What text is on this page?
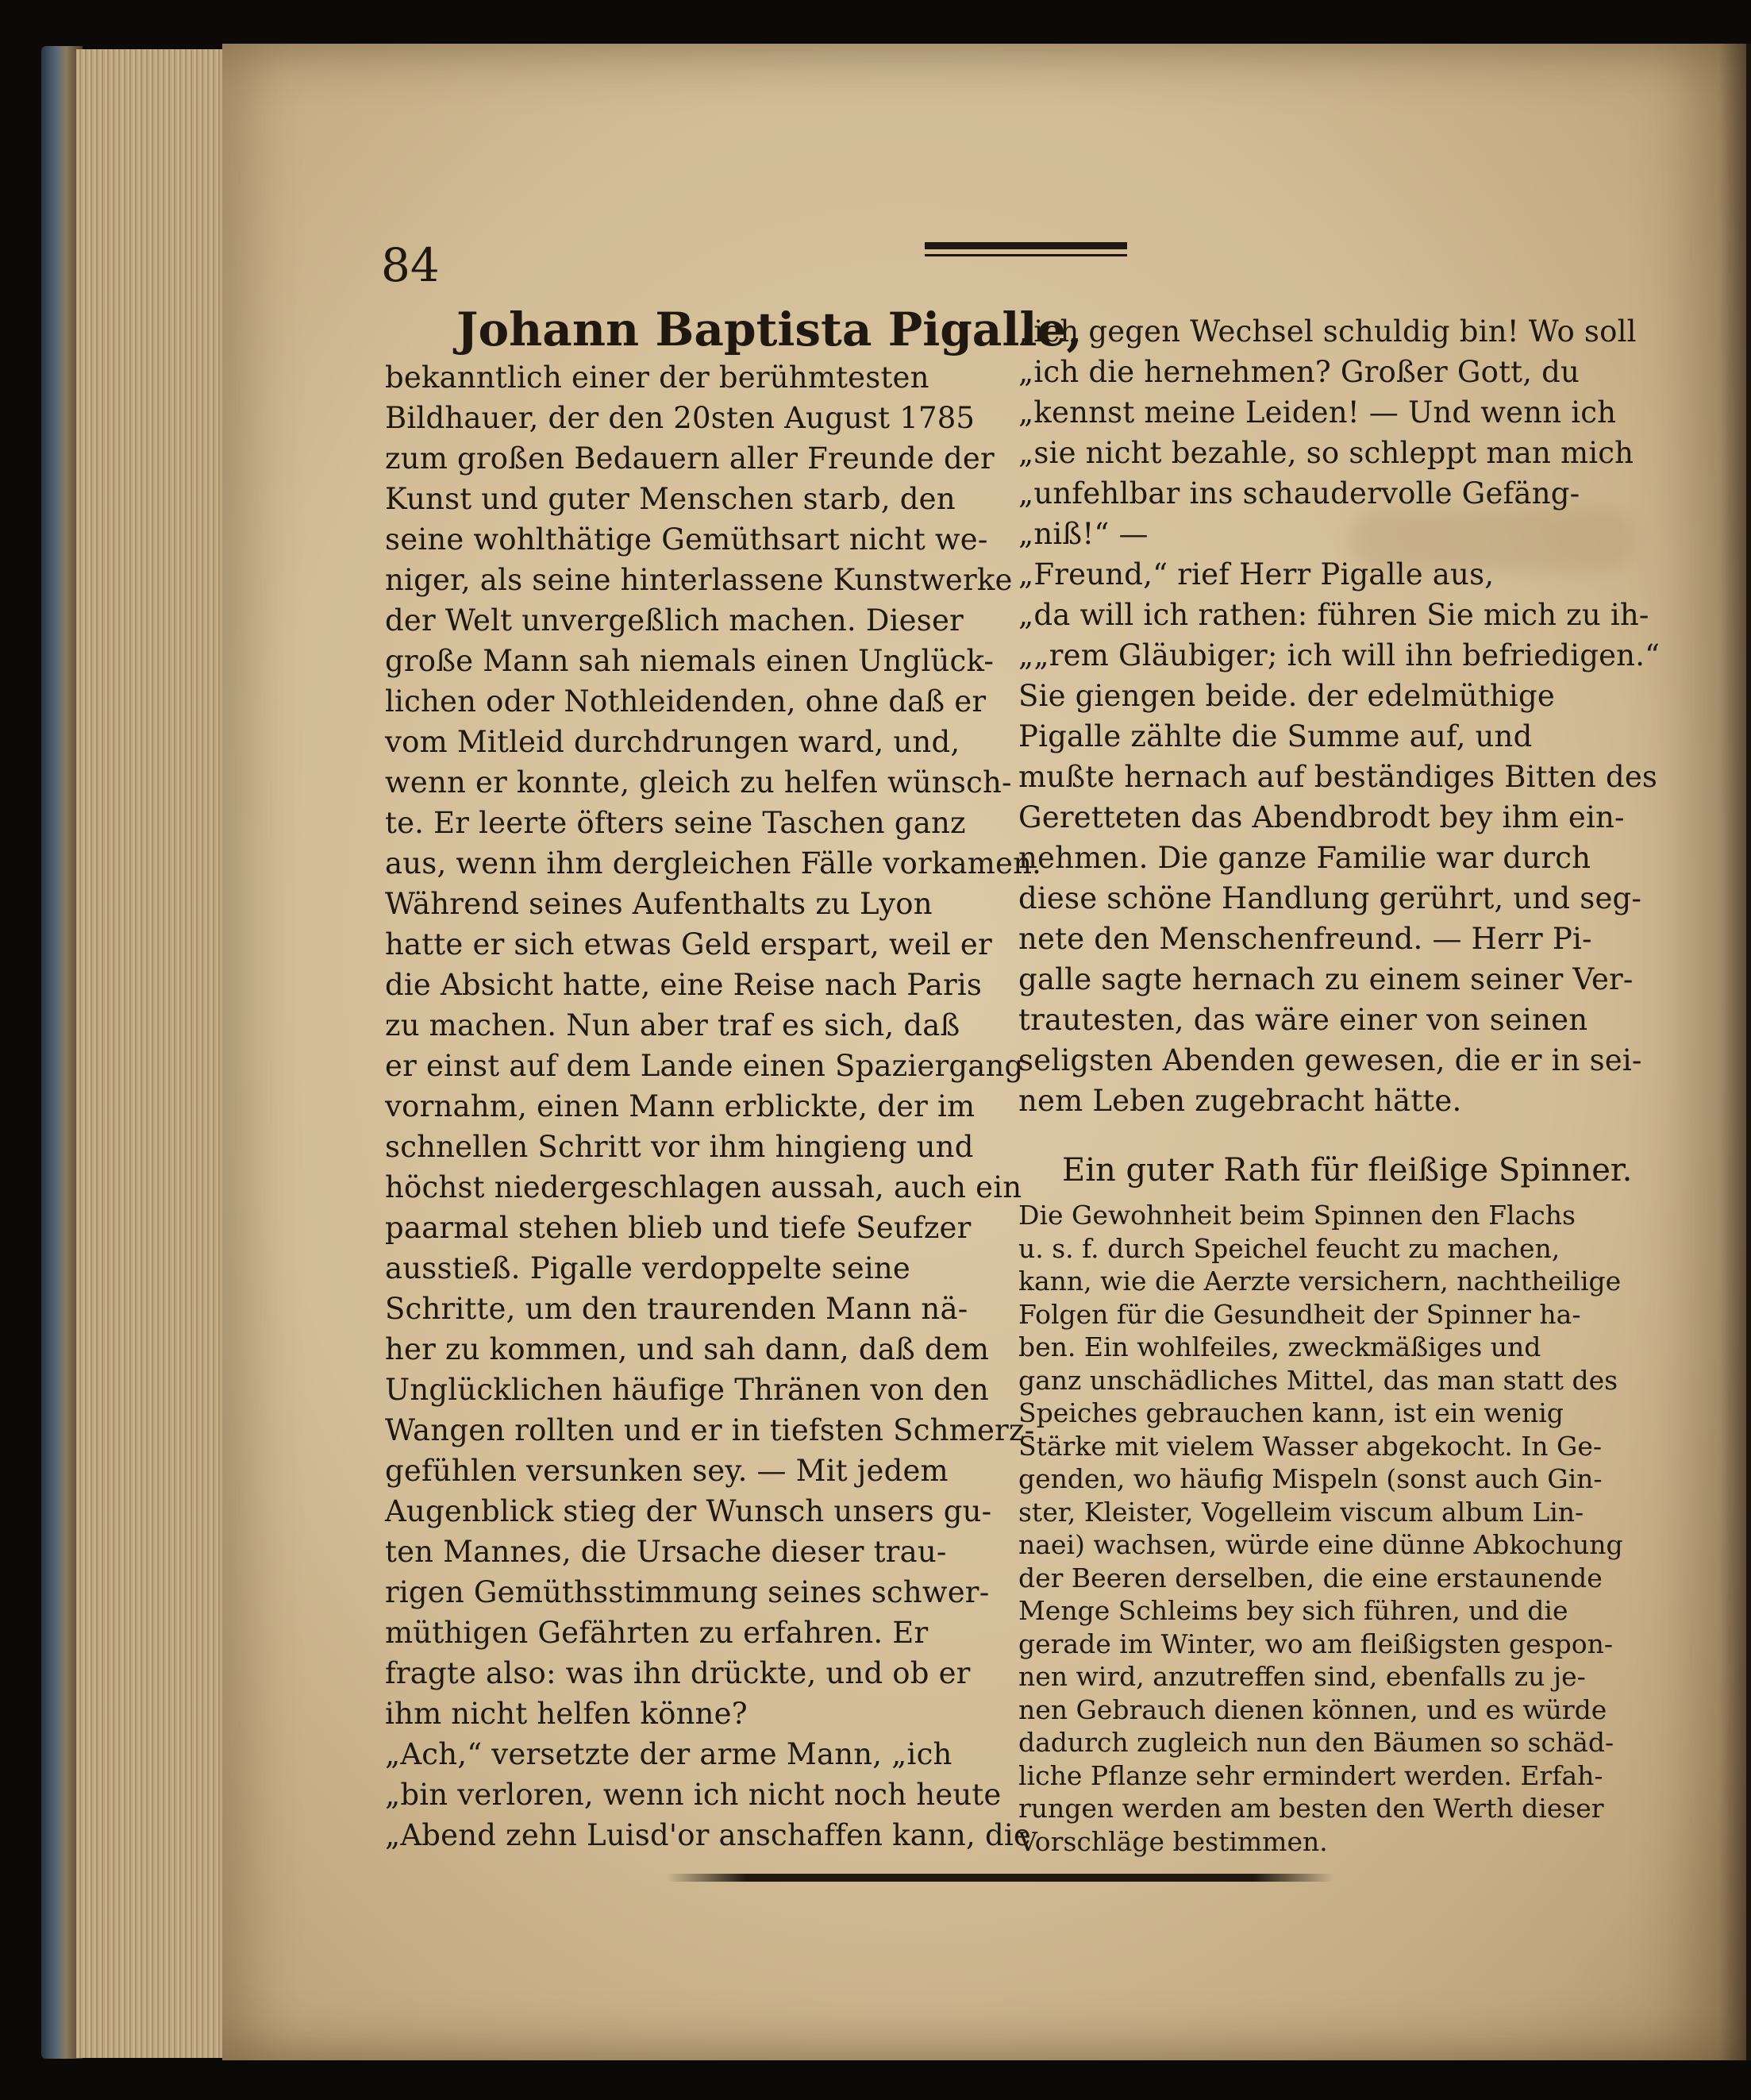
84
Johann Baptista Pigalle,
bekanntlich einer der berühmtesten
Bildhauer, der den 20sten August 1785
zum großen Bedauern aller Freunde der
Kunst und guter Menschen starb, den
seine wohlthätige Gemüthsart nicht we-
niger, als seine hinterlassene Kunstwerke
der Welt unvergeßlich machen. Dieser
große Mann sah niemals einen Unglück-
lichen oder Nothleidenden, ohne daß er
vom Mitleid durchdrungen ward, und,
wenn er konnte, gleich zu helfen wünsch-
te. Er leerte öfters seine Taschen ganz
aus, wenn ihm dergleichen Fälle vorkamen.
Während seines Aufenthalts zu Lyon
hatte er sich etwas Geld erspart, weil er
die Absicht hatte, eine Reise nach Paris
zu machen. Nun aber traf es sich, daß
er einst auf dem Lande einen Spaziergang
vornahm, einen Mann erblickte, der im
schnellen Schritt vor ihm hingieng und
höchst niedergeschlagen aussah, auch ein
paarmal stehen blieb und tiefe Seufzer
ausstieß. Pigalle verdoppelte seine
Schritte, um den traurenden Mann nä-
her zu kommen, und sah dann, daß dem
Unglücklichen häufige Thränen von den
Wangen rollten und er in tiefsten Schmerz-
gefühlen versunken sey. — Mit jedem
Augenblick stieg der Wunsch unsers gu-
ten Mannes, die Ursache dieser trau-
rigen Gemüthsstimmung seines schwer-
müthigen Gefährten zu erfahren. Er
fragte also: was ihn drückte, und ob er
ihm nicht helfen könne?
„Ach,“ versetzte der arme Mann, „ich
„bin verloren, wenn ich nicht noch heute
„Abend zehn Luisd'or anschaffen kann, die
„ich gegen Wechsel schuldig bin! Wo soll
„ich die hernehmen? Großer Gott, du
„kennst meine Leiden! — Und wenn ich
„sie nicht bezahle, so schleppt man mich
„unfehlbar ins schaudervolle Gefäng-
„niß!“ —
„Freund,“ rief Herr Pigalle aus,
„da will ich rathen: führen Sie mich zu ih-
„„rem Gläubiger; ich will ihn befriedigen.“
Sie giengen beide. der edelmüthige
Pigalle zählte die Summe auf, und
mußte hernach auf beständiges Bitten des
Geretteten das Abendbrodt bey ihm ein-
nehmen. Die ganze Familie war durch
diese schöne Handlung gerührt, und seg-
nete den Menschenfreund. — Herr Pi-
galle sagte hernach zu einem seiner Ver-
trautesten, das wäre einer von seinen
seligsten Abenden gewesen, die er in sei-
nem Leben zugebracht hätte.
Ein guter Rath für fleißige Spinner.
Die Gewohnheit beim Spinnen den Flachs
u. s. f. durch Speichel feucht zu machen,
kann, wie die Aerzte versichern, nachtheilige
Folgen für die Gesundheit der Spinner ha-
ben. Ein wohlfeiles, zweckmäßiges und
ganz unschädliches Mittel, das man statt des
Speiches gebrauchen kann, ist ein wenig
Stärke mit vielem Wasser abgekocht. In Ge-
genden, wo häufig Mispeln (sonst auch Gin-
ster, Kleister, Vogelleim viscum album Lin-
naei) wachsen, würde eine dünne Abkochung
der Beeren derselben, die eine erstaunende
Menge Schleims bey sich führen, und die
gerade im Winter, wo am fleißigsten gespon-
nen wird, anzutreffen sind, ebenfalls zu je-
nen Gebrauch dienen können, und es würde
dadurch zugleich nun den Bäumen so schäd-
liche Pflanze sehr ermindert werden. Erfah-
rungen werden am besten den Werth dieser
Vorschläge bestimmen.
